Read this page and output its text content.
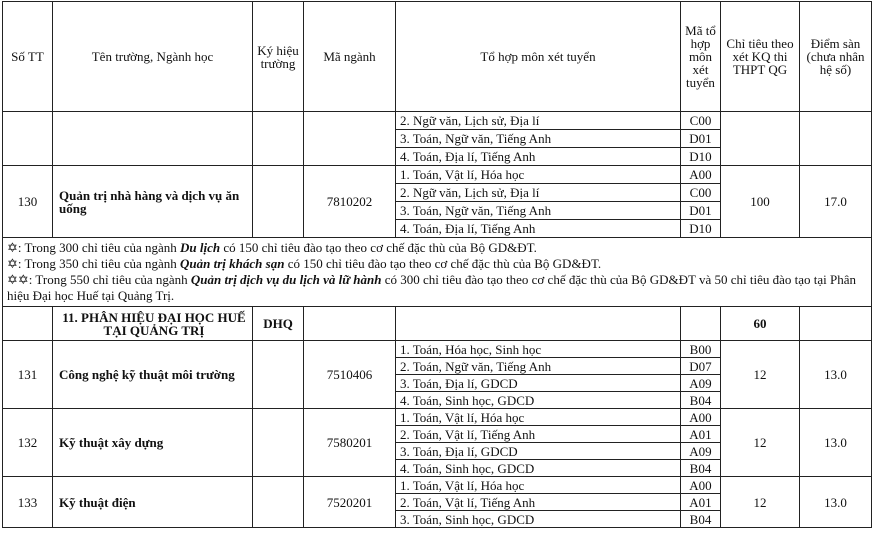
Số TT	Tên trường, Ngành học	Ký hiệu trường	Mã ngành	Tổ hợp môn xét tuyển	Mã tổ hợp môn xét tuyển	Chỉ tiêu theo xét KQ thi THPT QG	Điểm sàn (chưa nhân hệ số)
				2. Ngữ văn, Lịch sử, Địa lí	C00		
				3. Toán, Ngữ văn, Tiếng Anh	D01		
				4. Toán, Địa lí, Tiếng Anh	D10		
130	Quản trị nhà hàng và dịch vụ ăn uống		7810202	1. Toán, Vật lí, Hóa học	A00	100	17.0
				2. Ngữ văn, Lịch sử, Địa lí	C00		
				3. Toán, Ngữ văn, Tiếng Anh	D01		
				4. Toán, Địa lí, Tiếng Anh	D10		

✡: Trong 300 chỉ tiêu của ngành Du lịch có 150 chỉ tiêu đào tạo theo cơ chế đặc thù của Bộ GD&ĐT.
✡: Trong 350 chỉ tiêu của ngành Quản trị khách sạn có 150 chỉ tiêu đào tạo theo cơ chế đặc thù của Bộ GD&ĐT.
✡✡: Trong 550 chỉ tiêu của ngành Quản trị dịch vụ du lịch và lữ hành có 300 chỉ tiêu đào tạo theo cơ chế đặc thù của Bộ GD&ĐT và 50 chỉ tiêu đào tạo tại Phân hiệu Đại học Huế tại Quảng Trị.							

	11. PHÂN HIỆU ĐẠI HỌC HUẾ TẠI QUẢNG TRỊ	DHQ				60	
131	Công nghệ kỹ thuật môi trường		7510406	1. Toán, Hóa học, Sinh học	B00	12	13.0
				2. Toán, Ngữ văn, Tiếng Anh	D07		
				3. Toán, Địa lí, GDCD	A09		
				4. Toán, Sinh học, GDCD	B04		
132	Kỹ thuật xây dựng		7580201	1. Toán, Vật lí, Hóa học	A00	12	13.0
				2. Toán, Vật lí, Tiếng Anh	A01		
				3. Toán, Địa lí, GDCD	A09		
				4. Toán, Sinh học, GDCD	B04		
133	Kỹ thuật điện		7520201	1. Toán, Vật lí, Hóa học	A00	12	13.0
				2. Toán, Vật lí, Tiếng Anh	A01		
				3. Toán, Sinh học, GDCD	B04		
